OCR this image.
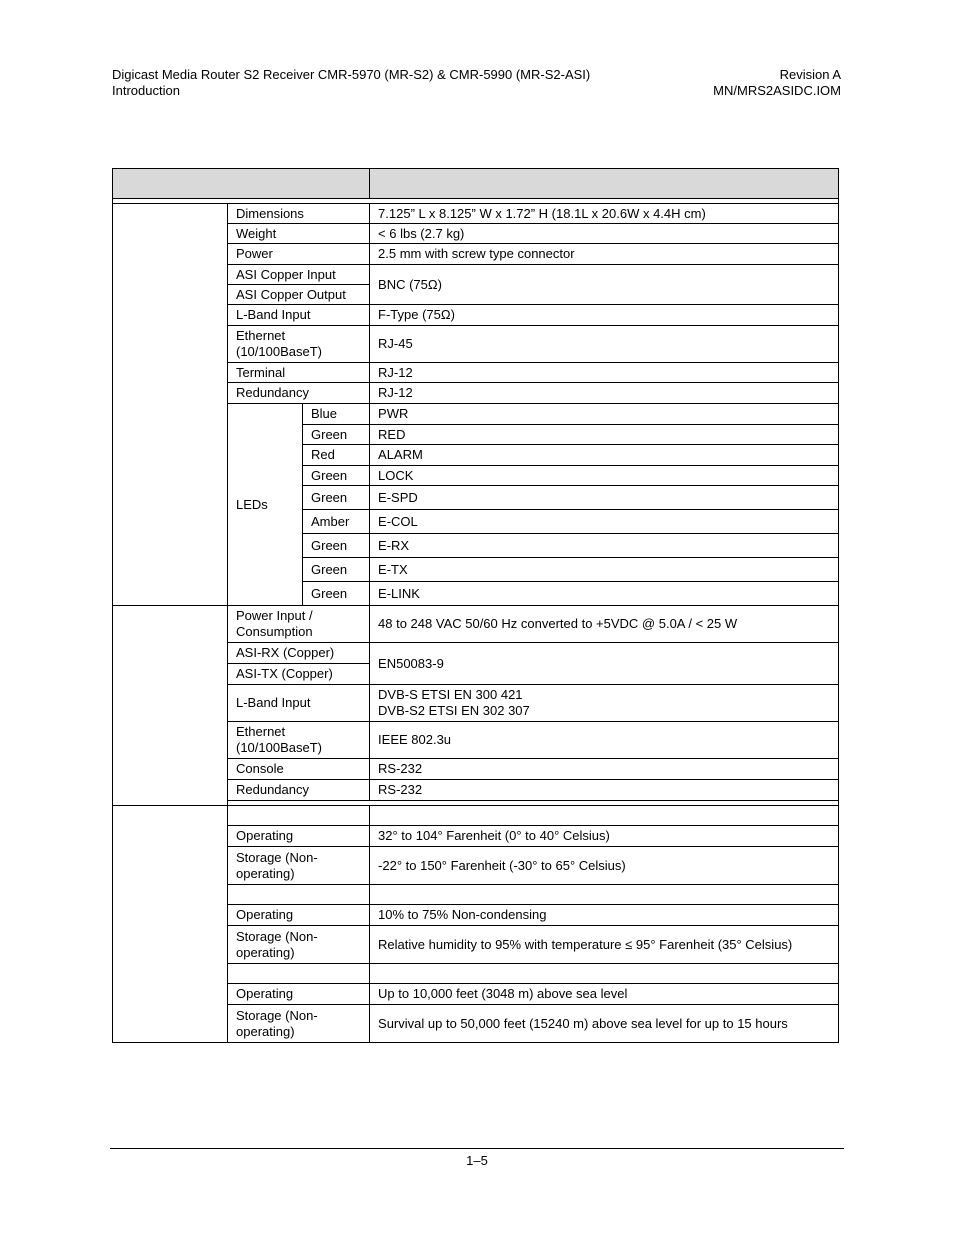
Digicast Media Router S2 Receiver CMR-5970 (MR-S2) & CMR-5990 (MR-S2-ASI)
Introduction
Revision A
MN/MRS2ASIDC.IOM

	Dimensions		7.125” L x 8.125” W x 1.72” H (18.1L x 20.6W x 4.4H cm)
	Weight		< 6 lbs (2.7 kg)
	Power		2.5 mm with screw type connector
	ASI Copper Input		BNC (75Ω)
	ASI Copper Output		
	L-Band Input		F-Type (75Ω)
	Ethernet (10/100BaseT)		RJ-45
	Terminal		RJ-12
	Redundancy		RJ-12
	LEDs	Blue	PWR
		Green	RED
		Red	ALARM
		Green	LOCK
		Green	E-SPD
		Amber	E-COL
		Green	E-RX
		Green	E-TX
		Green	E-LINK
	Power Input / Consumption		48 to 248 VAC 50/60 Hz converted to +5VDC @ 5.0A / < 25 W
	ASI-RX (Copper)		EN50083-9
	ASI-TX (Copper)		
	L-Band Input		DVB-S ETSI EN 300 421
DVB-S2 ETSI EN 302 307

	Ethernet (10/100BaseT)		IEEE 802.3u
	Console		RS-232
	Redundancy		RS-232

	Operating		32° to 104° Farenheit (0° to 40° Celsius)
	Storage (Non-operating)		-22° to 150° Farenheit (-30° to 65° Celsius)

	Operating		10% to 75% Non-condensing
	Storage (Non-operating)		Relative humidity to 95% with temperature ≤ 95° Farenheit (35° Celsius)

	Operating		Up to 10,000 feet (3048 m) above sea level
	Storage (Non-operating)		Survival up to 50,000 feet (15240 m) above sea level for up to 15 hours
1–5
